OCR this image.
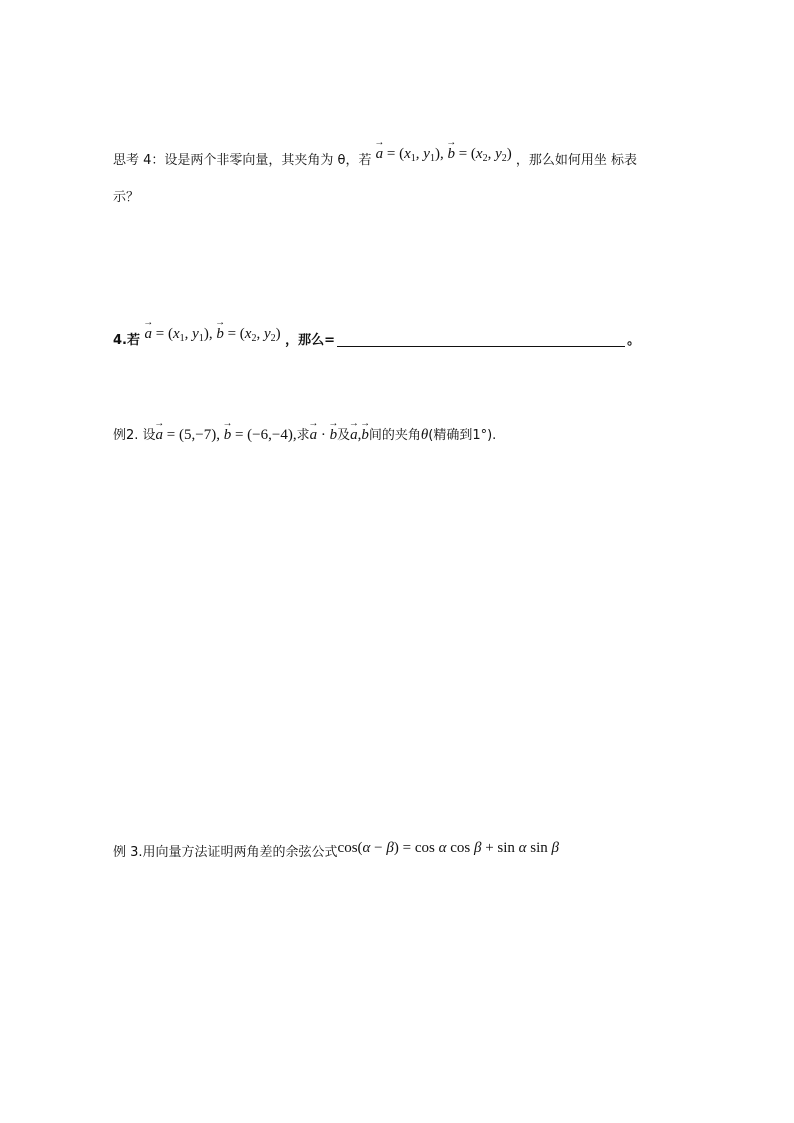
思考 4：设是两个非零向量，其夹角为 θ，若 → $a = (x_1$, $y_1$), → $b = (x_2$, $y_2$) ，那么如何用坐 标表
示？
4.若 → $a = (x_1$, $y_1$), → $b = (x_2$, $y_2$) ，那么=	。
例2. 设→ a = (5,−7), → b = (−6,−4),求→ a · → b及→ a,→ b间的夹角θ(精确到1°).
例 3.用向量方法证明两角差的余弦公式cos(α − β) = cos α cos β + sin α sin β
